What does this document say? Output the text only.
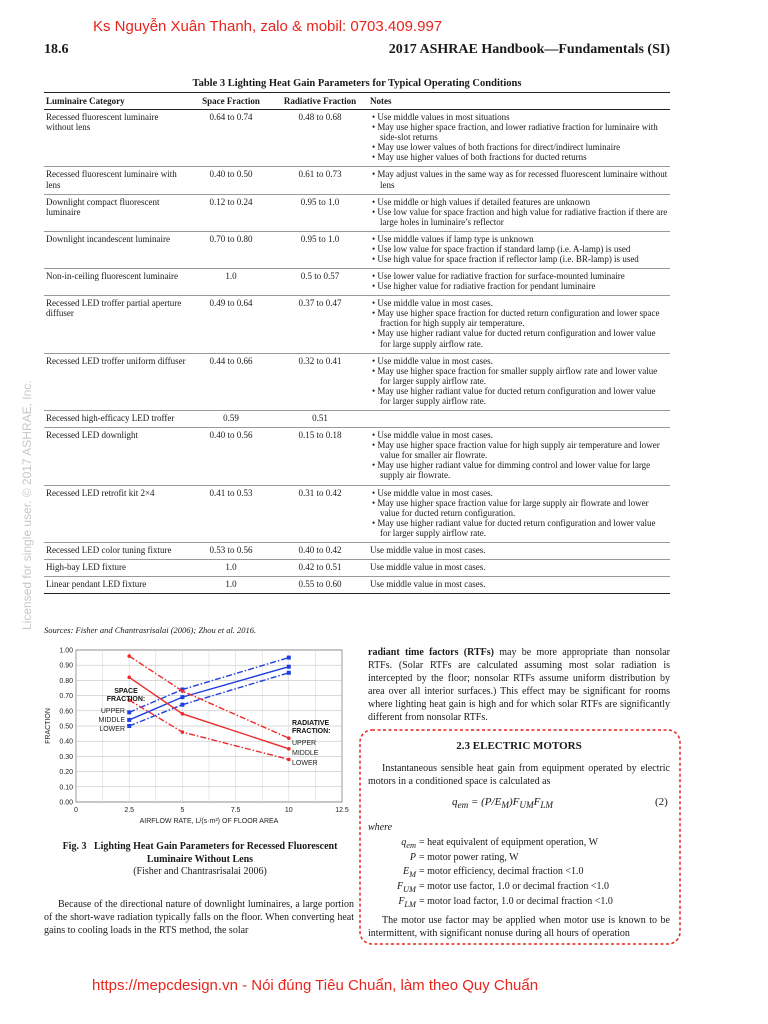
Ks Nguyễn Xuân Thanh, zalo & mobil: 0703.409.997
18.6	2017 ASHRAE Handbook—Fundamentals (SI)
Licensed for single user. © 2017 ASHRAE, Inc.
Table 3 Lighting Heat Gain Parameters for Typical Operating Conditions
Luminaire Category	Space Fraction	Radiative Fraction	Notes
Recessed fluorescent luminaire without lens	0.64 to 0.74	0.48 to 0.68	• Use middle values in most situations
• May use higher space fraction, and lower radiative fraction for luminaire with side-slot returns
• May use lower values of both fractions for direct/indirect luminaire
• May use higher values of both fractions for ducted returns

Recessed fluorescent luminaire with lens	0.40 to 0.50	0.61 to 0.73	• May adjust values in the same way as for recessed fluorescent luminaire without lens

Downlight compact fluorescent luminaire	0.12 to 0.24	0.95 to 1.0	• Use middle or high values if detailed features are unknown
• Use low value for space fraction and high value for radiative fraction if there are large holes in luminaire’s reflector

Downlight incandescent luminaire	0.70 to 0.80	0.95 to 1.0	• Use middle values if lamp type is unknown
• Use low value for space fraction if standard lamp (i.e. A-lamp) is used
• Use high value for space fraction if reflector lamp (i.e. BR-lamp) is used

Non-in-ceiling fluorescent luminaire	1.0	0.5 to 0.57	• Use lower value for radiative fraction for surface-mounted luminaire
• Use higher value for radiative fraction for pendant luminaire

Recessed LED troffer partial aperture diffuser	0.49 to 0.64	0.37 to 0.47	• Use middle value in most cases.
• May use higher space fraction for ducted return configuration and lower space fraction for high supply air temperature.
• May use higher radiant value for ducted return configuration and lower value for large supply airflow rate.

Recessed LED troffer uniform diffuser	0.44 to 0.66	0.32 to 0.41	• Use middle value in most cases.
• May use higher space fraction for smaller supply airflow rate and lower value for larger supply airflow rate.
• May use higher radiant value for ducted return configuration and lower value for larger supply airflow rate.

Recessed high-efficacy LED troffer	0.59	0.51	
Recessed LED downlight	0.40 to 0.56	0.15 to 0.18	• Use middle value in most cases.
• May use higher space fraction value for high supply air temperature and lower value for smaller air flowrate.
• May use higher radiant value for dimming control and lower value for large supply air flowrate.

Recessed LED retrofit kit 2×4	0.41 to 0.53	0.31 to 0.42	• Use middle value in most cases.
• May use higher space fraction value for large supply air flowrate and lower value for ducted return configuration.
• May use higher radiant value for ducted return configuration and lower value for larger supply airflow rate.

Recessed LED color tuning fixture	0.53 to 0.56	0.40 to 0.42	Use middle value in most cases.

High-bay LED fixture	1.0	0.42 to 0.51	Use middle value in most cases.

Linear pendant LED fixture	1.0	0.55 to 0.60	Use middle value in most cases.
Sources: Fisher and Chantrasrisalai (2006); Zhou et al. 2016.
0.00
0.10
0.20
0.30
0.40
0.50
0.60
0.70
0.80
0.90
1.00
0	2.5	5	7.5	10	12.5
AIRFLOW RATE, L/(s·m²) OF FLOOR AREA
FRACTION
SPACE
FRACTION:
UPPER
MIDDLE
LOWER
RADIATIVE
FRACTION:
UPPER
MIDDLE
LOWER
Fig. 3 Lighting Heat Gain Parameters for Recessed Fluorescent Luminaire Without Lens
(Fisher and Chantrasrisalai 2006)
Because of the directional nature of downlight luminaires, a large portion of the short-wave radiation typically falls on the floor. When converting heat gains to cooling loads in the RTS method, the solar
radiant time factors (RTFs) may be more appropriate than nonsolar RTFs. (Solar RTFs are calculated assuming most solar radiation is intercepted by the floor; nonsolar RTFs assume uniform distribution by area over all interior surfaces.) This effect may be significant for rooms where lighting heat gain is high and for which solar RTFs are significantly different from nonsolar RTFs.
2.3 ELECTRIC MOTORS
Instantaneous sensible heat gain from equipment operated by electric motors in a conditioned space is calculated as
$q_{em} = (P/E_M)F_{UM}F_{LM}$	(2)
where
$q_{em}$ = heat equivalent of equipment operation, W
P = motor power rating, W
$E_M$ = motor efficiency, decimal fraction <1.0
$F_{UM}$ = motor use factor, 1.0 or decimal fraction <1.0
$F_{LM}$ = motor load factor, 1.0 or decimal fraction <1.0
The motor use factor may be applied when motor use is known to be intermittent, with significant nonuse during all hours of operation
https://mepcdesign.vn - Nói đúng Tiêu Chuẩn, làm theo Quy Chuẩn
